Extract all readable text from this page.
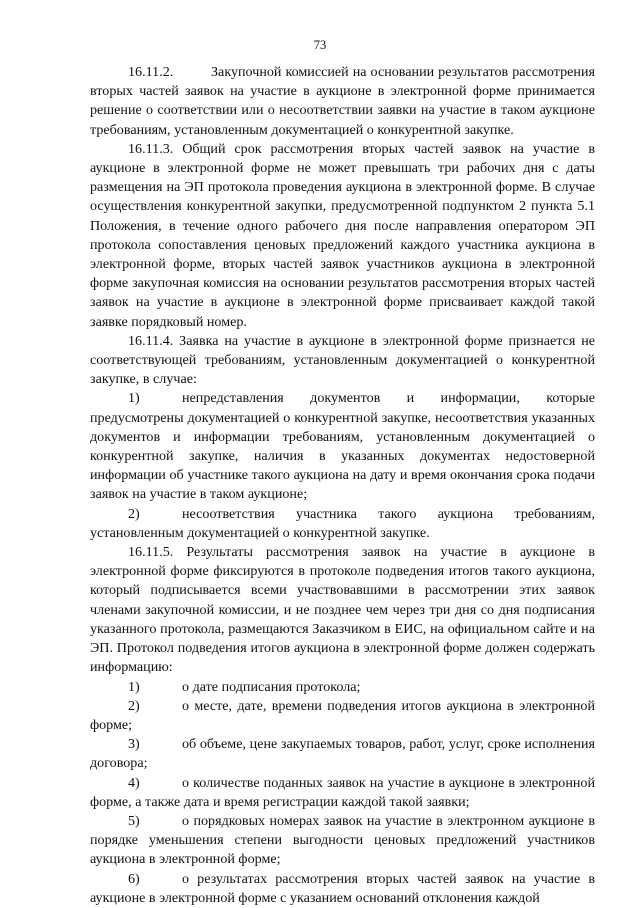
73

16.11.2.	Закупочной комиссией на основании результатов рассмотрения вторых частей заявок на участие в аукционе в электронной форме принимается решение о соответствии или о несоответствии заявки на участие в таком аукционе требованиям, установленным документацией о конкурентной закупке.

16.11.3. Общий срок рассмотрения вторых частей заявок на участие в аукционе в электронной форме не может превышать три рабочих дня с даты размещения на ЭП протокола проведения аукциона в электронной форме. В случае осуществления конкурентной закупки, предусмотренной подпунктом 2 пункта 5.1 Положения, в течение одного рабочего дня после направления оператором ЭП протокола сопоставления ценовых предложений каждого участника аукциона в электронной форме, вторых частей заявок участников аукциона в электронной форме закупочная комиссия на основании результатов рассмотрения вторых частей заявок на участие в аукционе в электронной форме присваивает каждой такой заявке порядковый номер.

16.11.4. Заявка на участие в аукционе в электронной форме признается не соответствующей требованиям, установленным документацией о конкурентной закупке, в случае:

1)	непредставления документов и информации, которые предусмотрены документацией о конкурентной закупке, несоответствия указанных документов и информации требованиям, установленным документацией о конкурентной закупке, наличия в указанных документах недостоверной информации об участнике такого аукциона на дату и время окончания срока подачи заявок на участие в таком аукционе;

2)	несоответствия участника такого аукциона требованиям, установленным документацией о конкурентной закупке.

16.11.5. Результаты рассмотрения заявок на участие в аукционе в электронной форме фиксируются в протоколе подведения итогов такого аукциона, который подписывается всеми участвовавшими в рассмотрении этих заявок членами закупочной комиссии, и не позднее чем через три дня со дня подписания указанного протокола, размещаются Заказчиком в ЕИС, на официальном сайте и на ЭП. Протокол подведения итогов аукциона в электронной форме должен содержать информацию:

1)	о дате подписания протокола;

2)	о месте, дате, времени подведения итогов аукциона в электронной форме;

3)	об объеме, цене закупаемых товаров, работ, услуг, сроке исполнения договора;

4)	о количестве поданных заявок на участие в аукционе в электронной форме, а также дата и время регистрации каждой такой заявки;

5)	о порядковых номерах заявок на участие в электронном аукционе в порядке уменьшения степени выгодности ценовых предложений участников аукциона в электронной форме;

6)	о результатах рассмотрения вторых частей заявок на участие в аукционе в электронной форме с указанием оснований отклонения каждой
